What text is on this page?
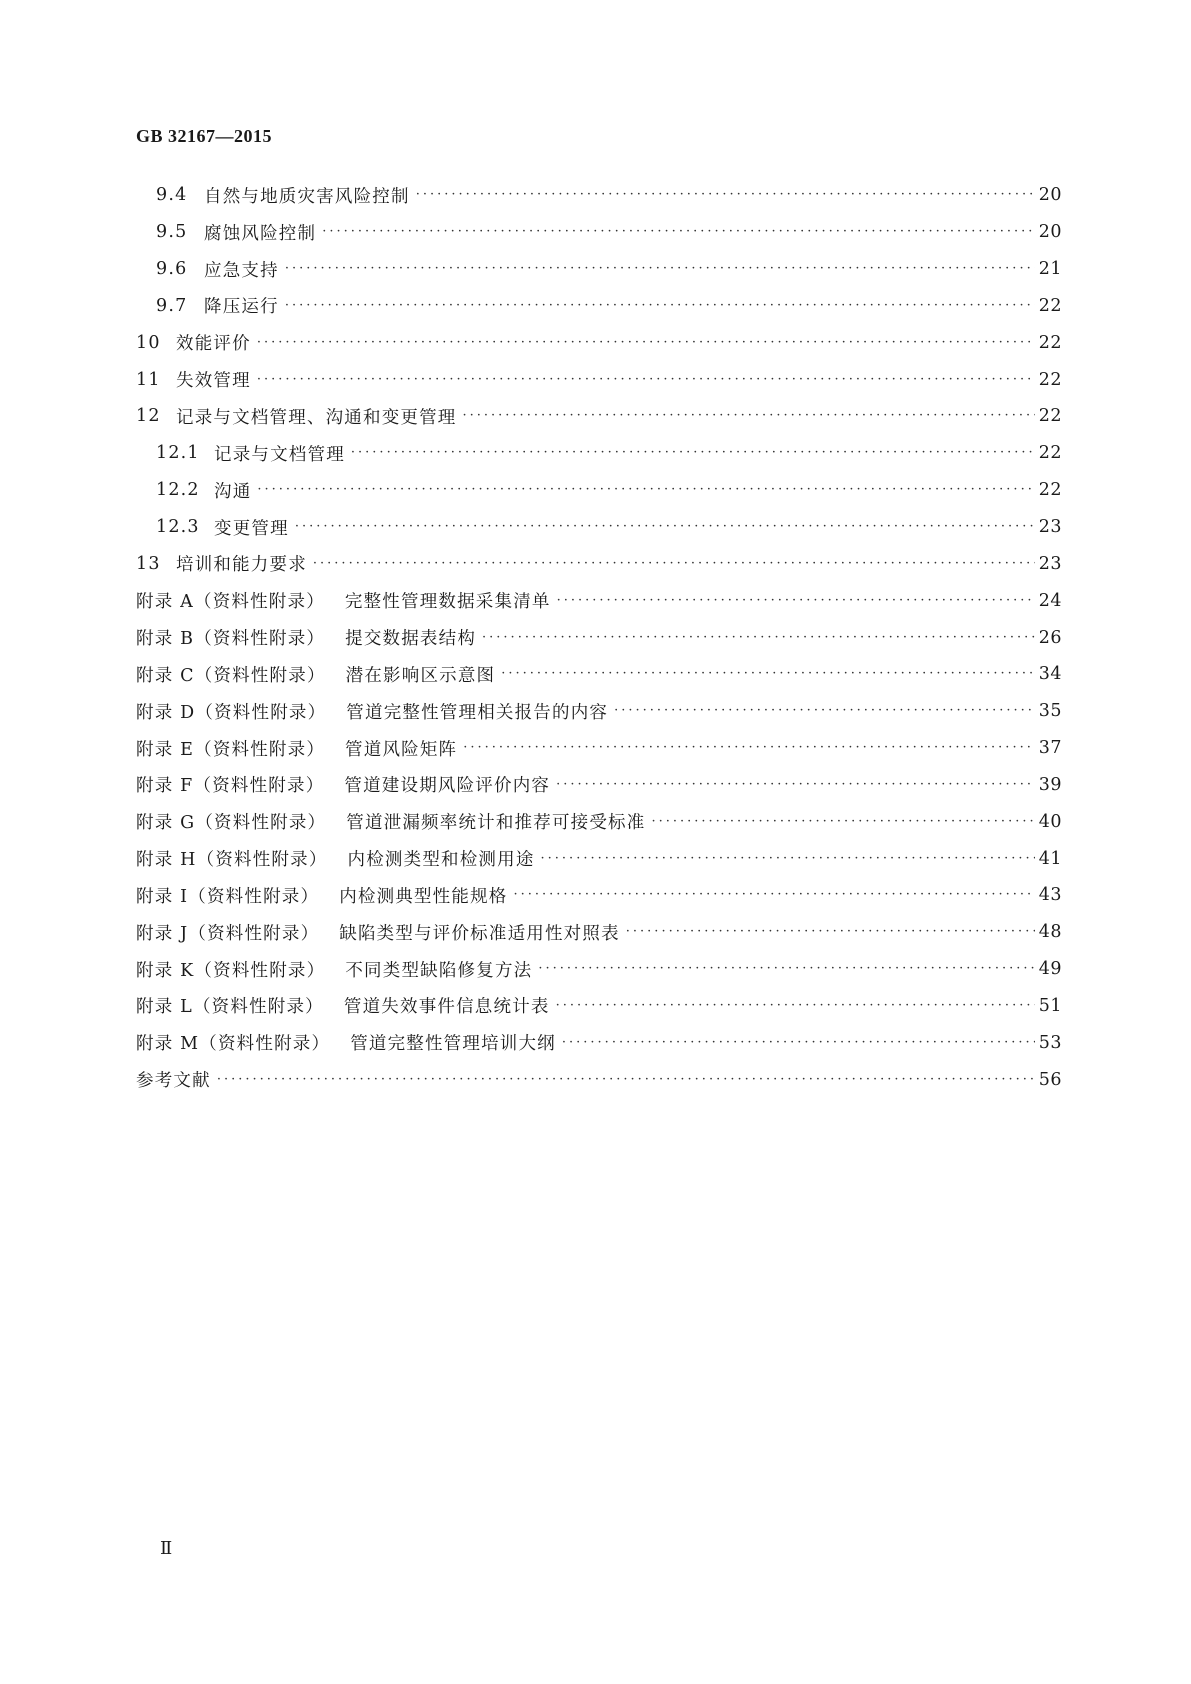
GB 32167—2015
9.4 自然与地质灾害风险控制 ·····	20
9.5 腐蚀风险控制 ·····	20
9.6 应急支持 ·····	21
9.7 降压运行 ·····	22
10 效能评价 ·····	22
11 失效管理 ·····	22
12 记录与文档管理、沟通和变更管理 ·····	22
12.1 记录与文档管理 ·····	22
12.2 沟通 ·····	22
12.3 变更管理 ·····	23
13 培训和能力要求 ·····	23
附录 A（资料性附录） 完整性管理数据采集清单 ·····	24
附录 B（资料性附录） 提交数据表结构 ·····	26
附录 C（资料性附录） 潜在影响区示意图 ·····	34
附录 D（资料性附录） 管道完整性管理相关报告的内容 ·····	35
附录 E（资料性附录） 管道风险矩阵 ·····	37
附录 F（资料性附录） 管道建设期风险评价内容 ·····	39
附录 G（资料性附录） 管道泄漏频率统计和推荐可接受标准 ·····	40
附录 H（资料性附录） 内检测类型和检测用途 ·····	41
附录 I（资料性附录） 内检测典型性能规格 ·····	43
附录 J（资料性附录） 缺陷类型与评价标准适用性对照表 ·····	48
附录 K（资料性附录） 不同类型缺陷修复方法 ·····	49
附录 L（资料性附录） 管道失效事件信息统计表 ·····	51
附录 M（资料性附录） 管道完整性管理培训大纲 ·····	53
参考文献 ·····	56
Ⅱ
